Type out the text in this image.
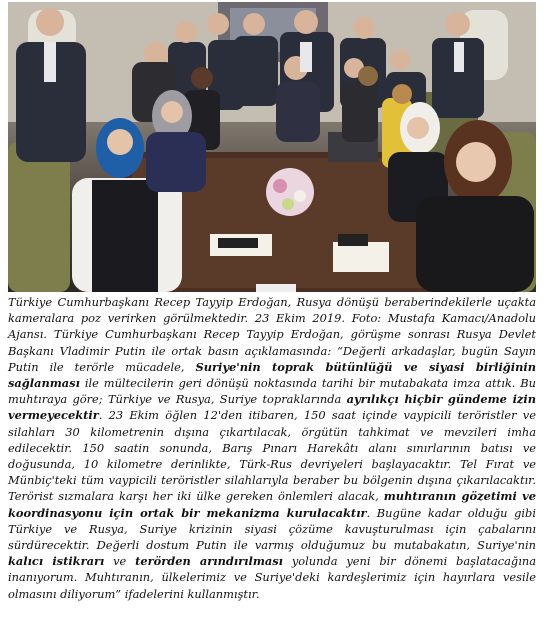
Türkiye Cumhurbaşkanı Recep Tayyip Erdoğan, Rusya dönüşü beraberindekilerle uçakta kameralara poz verirken görülmektedir. 23 Ekim 2019. Foto: Mustafa Kamacı/Anadolu Ajansı. Türkiye Cumhurbaşkanı Recep Tayyip Erdoğan, görüşme sonrası Rusya Devlet Başkanı Vladimir Putin ile ortak basın açıklamasında: “Değerli arkadaşlar, bugün Sayın Putin ile terörle mücadele, Suriye'nin toprak bütünlüğü ve siyasi birliğinin sağlanması ile mültecilerin geri dönüşü noktasında tarihi bir mutabakata imza attık. Bu muhtıraya göre; Türkiye ve Rusya, Suriye topraklarında ayrılıkçı hiçbir gündeme izin vermeyecektir. 23 Ekim öğlen 12'den itibaren, 150 saat içinde vaypicili teröristler ve silahları 30 kilometrenin dışına çıkartılacak, örgütün tahkimat ve mevzileri imha edilecektir. 150 saatin sonunda, Barış Pınarı Harekâtı alanı sınırlarının batısı ve doğusunda, 10 kilometre derinlikte, Türk-Rus devriyeleri başlayacaktır. Tel Fırat ve Münbiç'teki tüm vaypicili teröristler silahlarıyla beraber bu bölgenin dışına çıkarılacaktır. Terörist sızmalara karşı her iki ülke gereken önlemleri alacak, muhtıranın gözetimi ve koordinasyonu için ortak bir mekanizma kurulacaktır. Bugüne kadar olduğu gibi Türkiye ve Rusya, Suriye krizinin siyasi çözüme kavuşturulması için çabalarını sürdürecektir. Değerli dostum Putin ile varmış olduğumuz bu mutabakatın, Suriye'nin kalıcı istikrarı ve terörden arındırılması yolunda yeni bir dönemi başlatacağına inanıyorum. Muhtıranın, ülkelerimiz ve Suriye'deki kardeşlerimiz için hayırlara vesile olmasını diliyorum” ifadelerini kullanmıştır.
